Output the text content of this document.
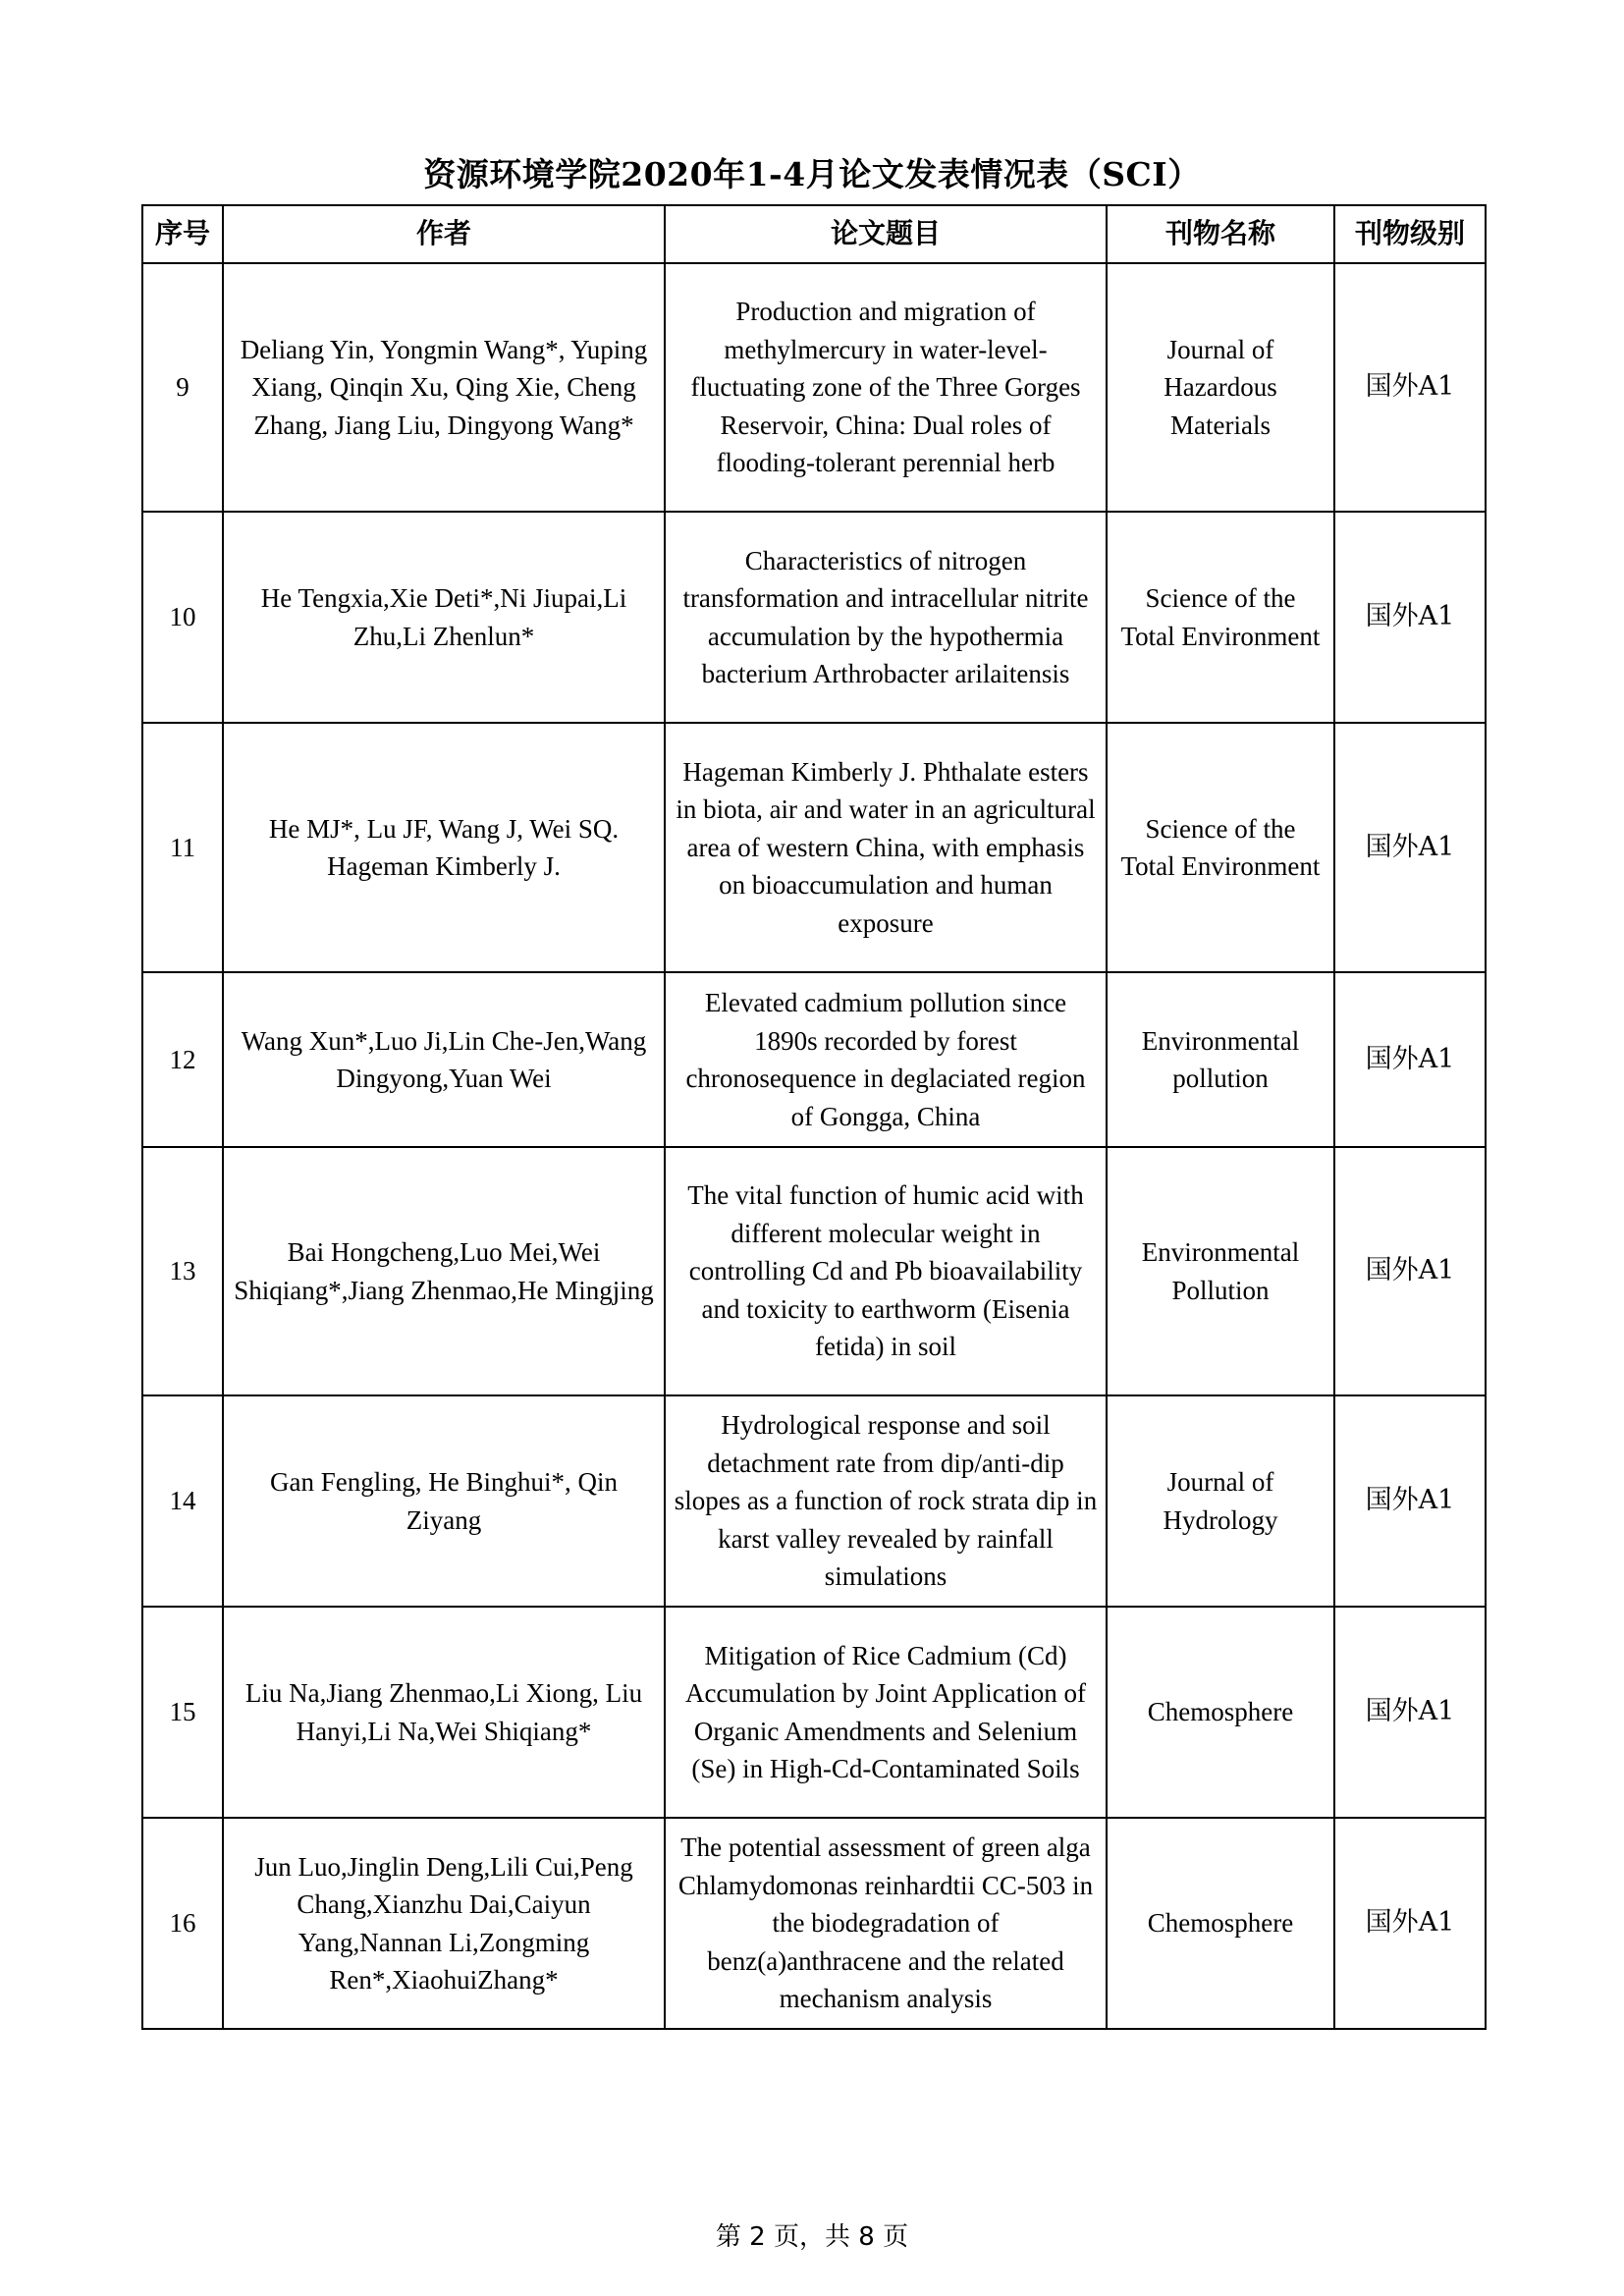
资源环境学院2020年1-4月论文发表情况表（SCI）
序号	作者	论文题目	刊物名称	刊物级别
9	Deliang Yin, Yongmin Wang*, Yuping Xiang, Qinqin Xu, Qing Xie, Cheng Zhang, Jiang Liu, Dingyong Wang*	Production and migration of methylmercury in water-level-fluctuating zone of the Three Gorges Reservoir, China: Dual roles of flooding-tolerant perennial herb	Journal of Hazardous Materials	国外A1
10	He Tengxia,Xie Deti*,Ni Jiupai,Li Zhu,Li Zhenlun*	Characteristics of nitrogen transformation and intracellular nitrite accumulation by the hypothermia bacterium Arthrobacter arilaitensis	Science of the Total Environment	国外A1
11	He MJ*, Lu JF, Wang J, Wei SQ. Hageman Kimberly J.	Hageman Kimberly J. Phthalate esters in biota, air and water in an agricultural area of western China, with emphasis on bioaccumulation and human exposure	Science of the Total Environment	国外A1
12	Wang Xun*,Luo Ji,Lin Che-Jen,Wang Dingyong,Yuan Wei	Elevated cadmium pollution since 1890s recorded by forest chronosequence in deglaciated region of Gongga, China	Environmental pollution	国外A1
13	Bai Hongcheng,Luo Mei,Wei Shiqiang*,Jiang Zhenmao,He Mingjing	The vital function of humic acid with different molecular weight in controlling Cd and Pb bioavailability and toxicity to earthworm (Eisenia fetida) in soil	Environmental Pollution	国外A1
14	Gan Fengling, He Binghui*, Qin Ziyang	Hydrological response and soil detachment rate from dip/anti-dip slopes as a function of rock strata dip in karst valley revealed by rainfall simulations	Journal of Hydrology	国外A1
15	Liu Na,Jiang Zhenmao,Li Xiong, Liu Hanyi,Li Na,Wei Shiqiang*	Mitigation of Rice Cadmium (Cd) Accumulation by Joint Application of Organic Amendments and Selenium (Se) in High-Cd-Contaminated Soils	Chemosphere	国外A1
16	Jun Luo,Jinglin Deng,Lili Cui,Peng Chang,Xianzhu Dai,Caiyun Yang,Nannan Li,Zongming Ren*,XiaohuiZhang*	The potential assessment of green alga Chlamydomonas reinhardtii CC-503 in the biodegradation of benz(a)anthracene and the related mechanism analysis	Chemosphere	国外A1
第 2 页，共 8 页
